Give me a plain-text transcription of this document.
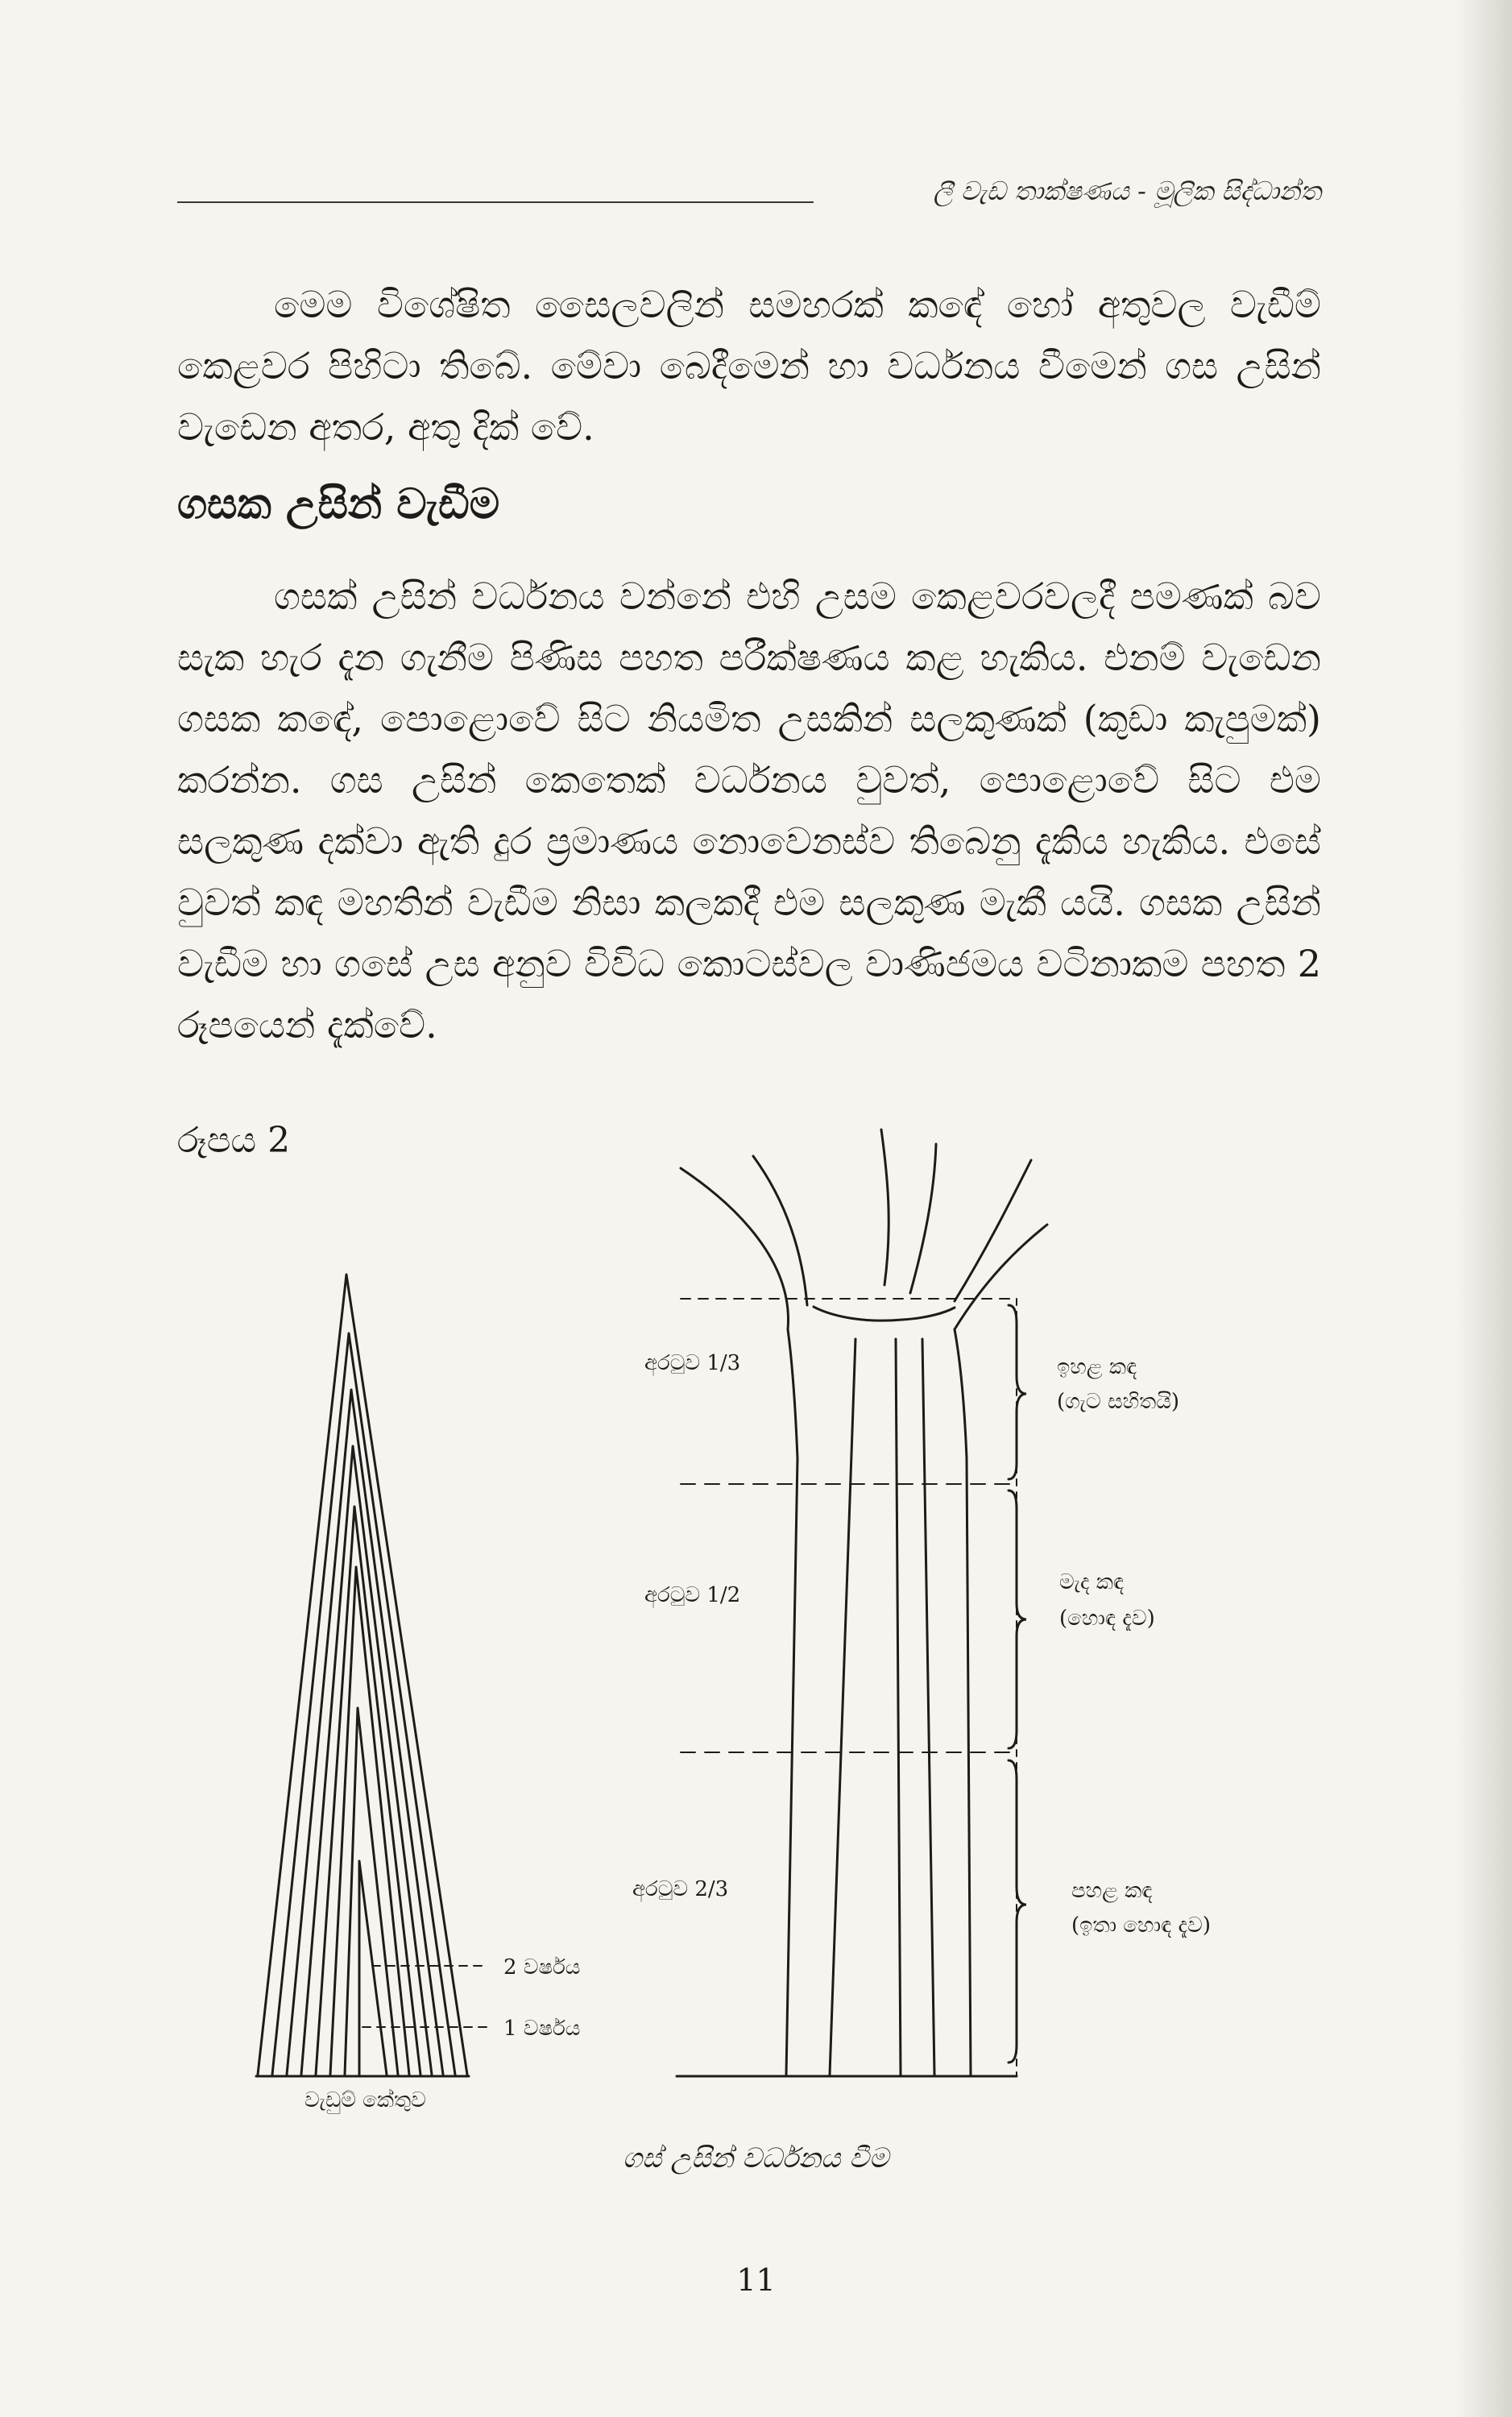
ලී වැඩ තාක්ෂණය - මූලික සිද්ධාන්ත

මෙම විශේෂිත සෛලවලින් සමහරක් කඳේ හෝ අතුවල වැඩීම් කෙළවර පිහිටා තිබේ. මේවා බෙදීමෙන් හා වර්ධනය වීමෙන් ගස උසින් වැඩෙන අතර, අතු දික් වේ.

ගසක උසින් වැඩීම

ගසක් උසින් වර්ධනය වන්නේ එහි උසම කෙළවරවලදී පමණක් බව සැක හැර දැන ගැනීම පිණිස පහත පරීක්ෂණය කළ හැකිය. එනම් වැඩෙන ගසක කඳේ, පොළොවේ සිට නියමිත උසකින් සලකුණක් (කුඩා කැපුමක්) කරන්න. ගස උසින් කෙතෙක් වර්ධනය වුවත්, පොළොවේ සිට එම සලකුණ දක්වා ඇති දුර ප්‍රමාණය නොවෙනස්ව තිබෙනු දැකිය හැකිය. එසේ වුවත් කඳ මහතින් වැඩීම නිසා කලකදී එම සලකුණ මැකී යයි. ගසක උසින් වැඩීම හා ගසේ උස අනුව විවිධ කොටස්වල වාණිජමය වටිනාකම පහත 2 රූපයෙන් දැක්වේ.

රූපය 2
2 වර්ෂය
1 වර්ෂය
වැඩුම් කේතුව
අරටුව 1/3	ඉහළ කඳ
(ගැට සහිතයි)
අරටුව 1/2
මැද කඳ
(හොඳ දැව)
අරටුව 2/3	පහළ කඳ
(ඉතා හොඳ දැව)
ගස් උසින් වර්ධනය වීම
11
